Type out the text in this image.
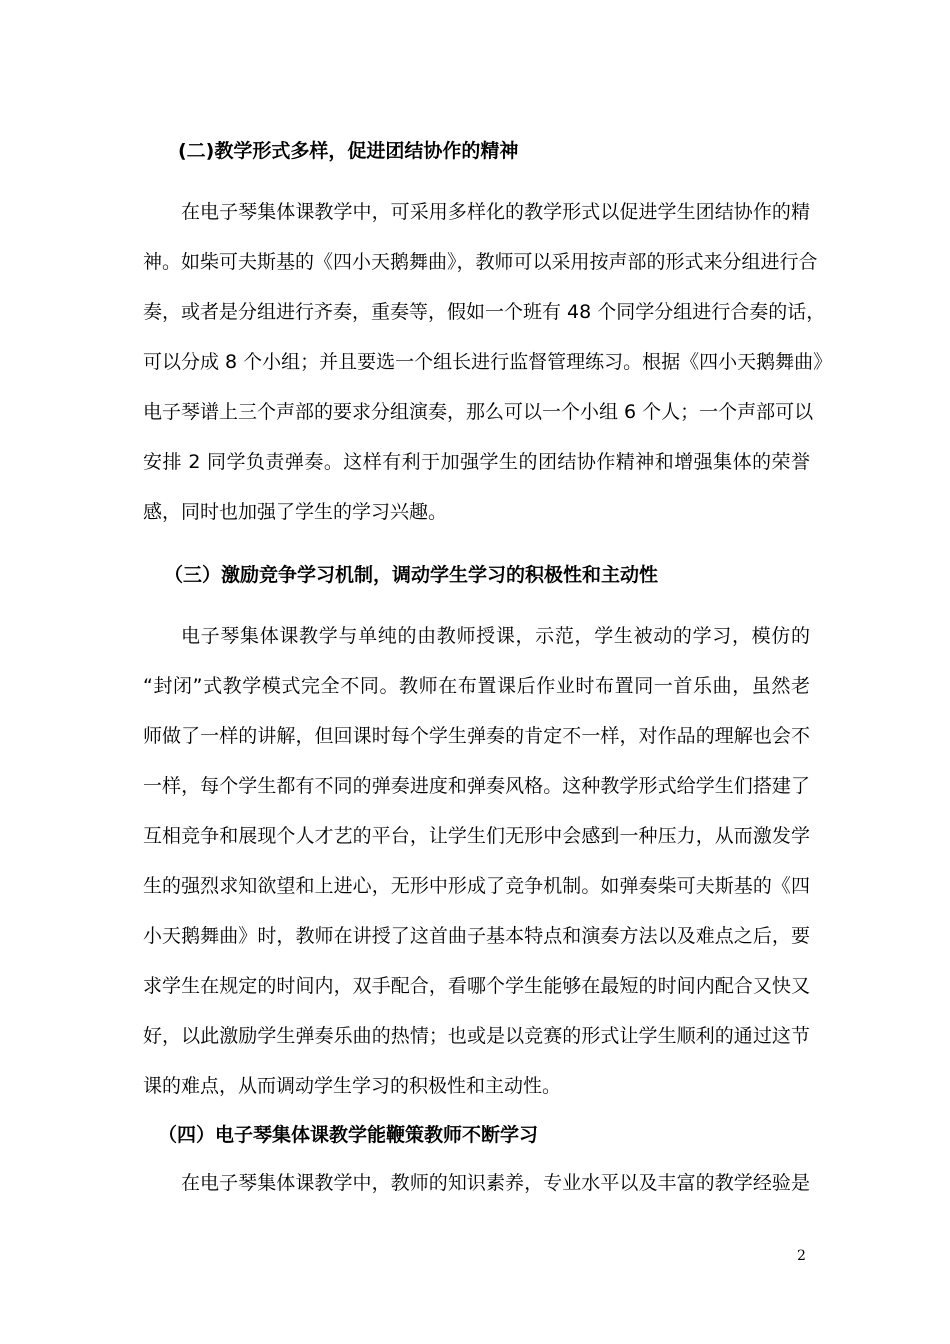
(二)教学形式多样，促进团结协作的精神
在电子琴集体课教学中，可采用多样化的教学形式以促进学生团结协作的精
神。如柴可夫斯基的《四小天鹅舞曲》，教师可以采用按声部的形式来分组进行合
奏，或者是分组进行齐奏，重奏等，假如一个班有 48 个同学分组进行合奏的话，
可以分成 8 个小组；并且要选一个组长进行监督管理练习。根据《四小天鹅舞曲》
电子琴谱上三个声部的要求分组演奏，那么可以一个小组 6 个人；一个声部可以
安排 2 同学负责弹奏。这样有利于加强学生的团结协作精神和增强集体的荣誉
感，同时也加强了学生的学习兴趣。
（三）激励竞争学习机制，调动学生学习的积极性和主动性
电子琴集体课教学与单纯的由教师授课，示范，学生被动的学习，模仿的
“封闭”式教学模式完全不同。教师在布置课后作业时布置同一首乐曲，虽然老
师做了一样的讲解，但回课时每个学生弹奏的肯定不一样，对作品的理解也会不
一样，每个学生都有不同的弹奏进度和弹奏风格。这种教学形式给学生们搭建了
互相竞争和展现个人才艺的平台，让学生们无形中会感到一种压力，从而激发学
生的强烈求知欲望和上进心，无形中形成了竞争机制。如弹奏柴可夫斯基的《四
小天鹅舞曲》时，教师在讲授了这首曲子基本特点和演奏方法以及难点之后，要
求学生在规定的时间内，双手配合，看哪个学生能够在最短的时间内配合又快又
好，以此激励学生弹奏乐曲的热情；也或是以竞赛的形式让学生顺利的通过这节
课的难点，从而调动学生学习的积极性和主动性。
（四）电子琴集体课教学能鞭策教师不断学习
在电子琴集体课教学中，教师的知识素养，专业水平以及丰富的教学经验是
2
